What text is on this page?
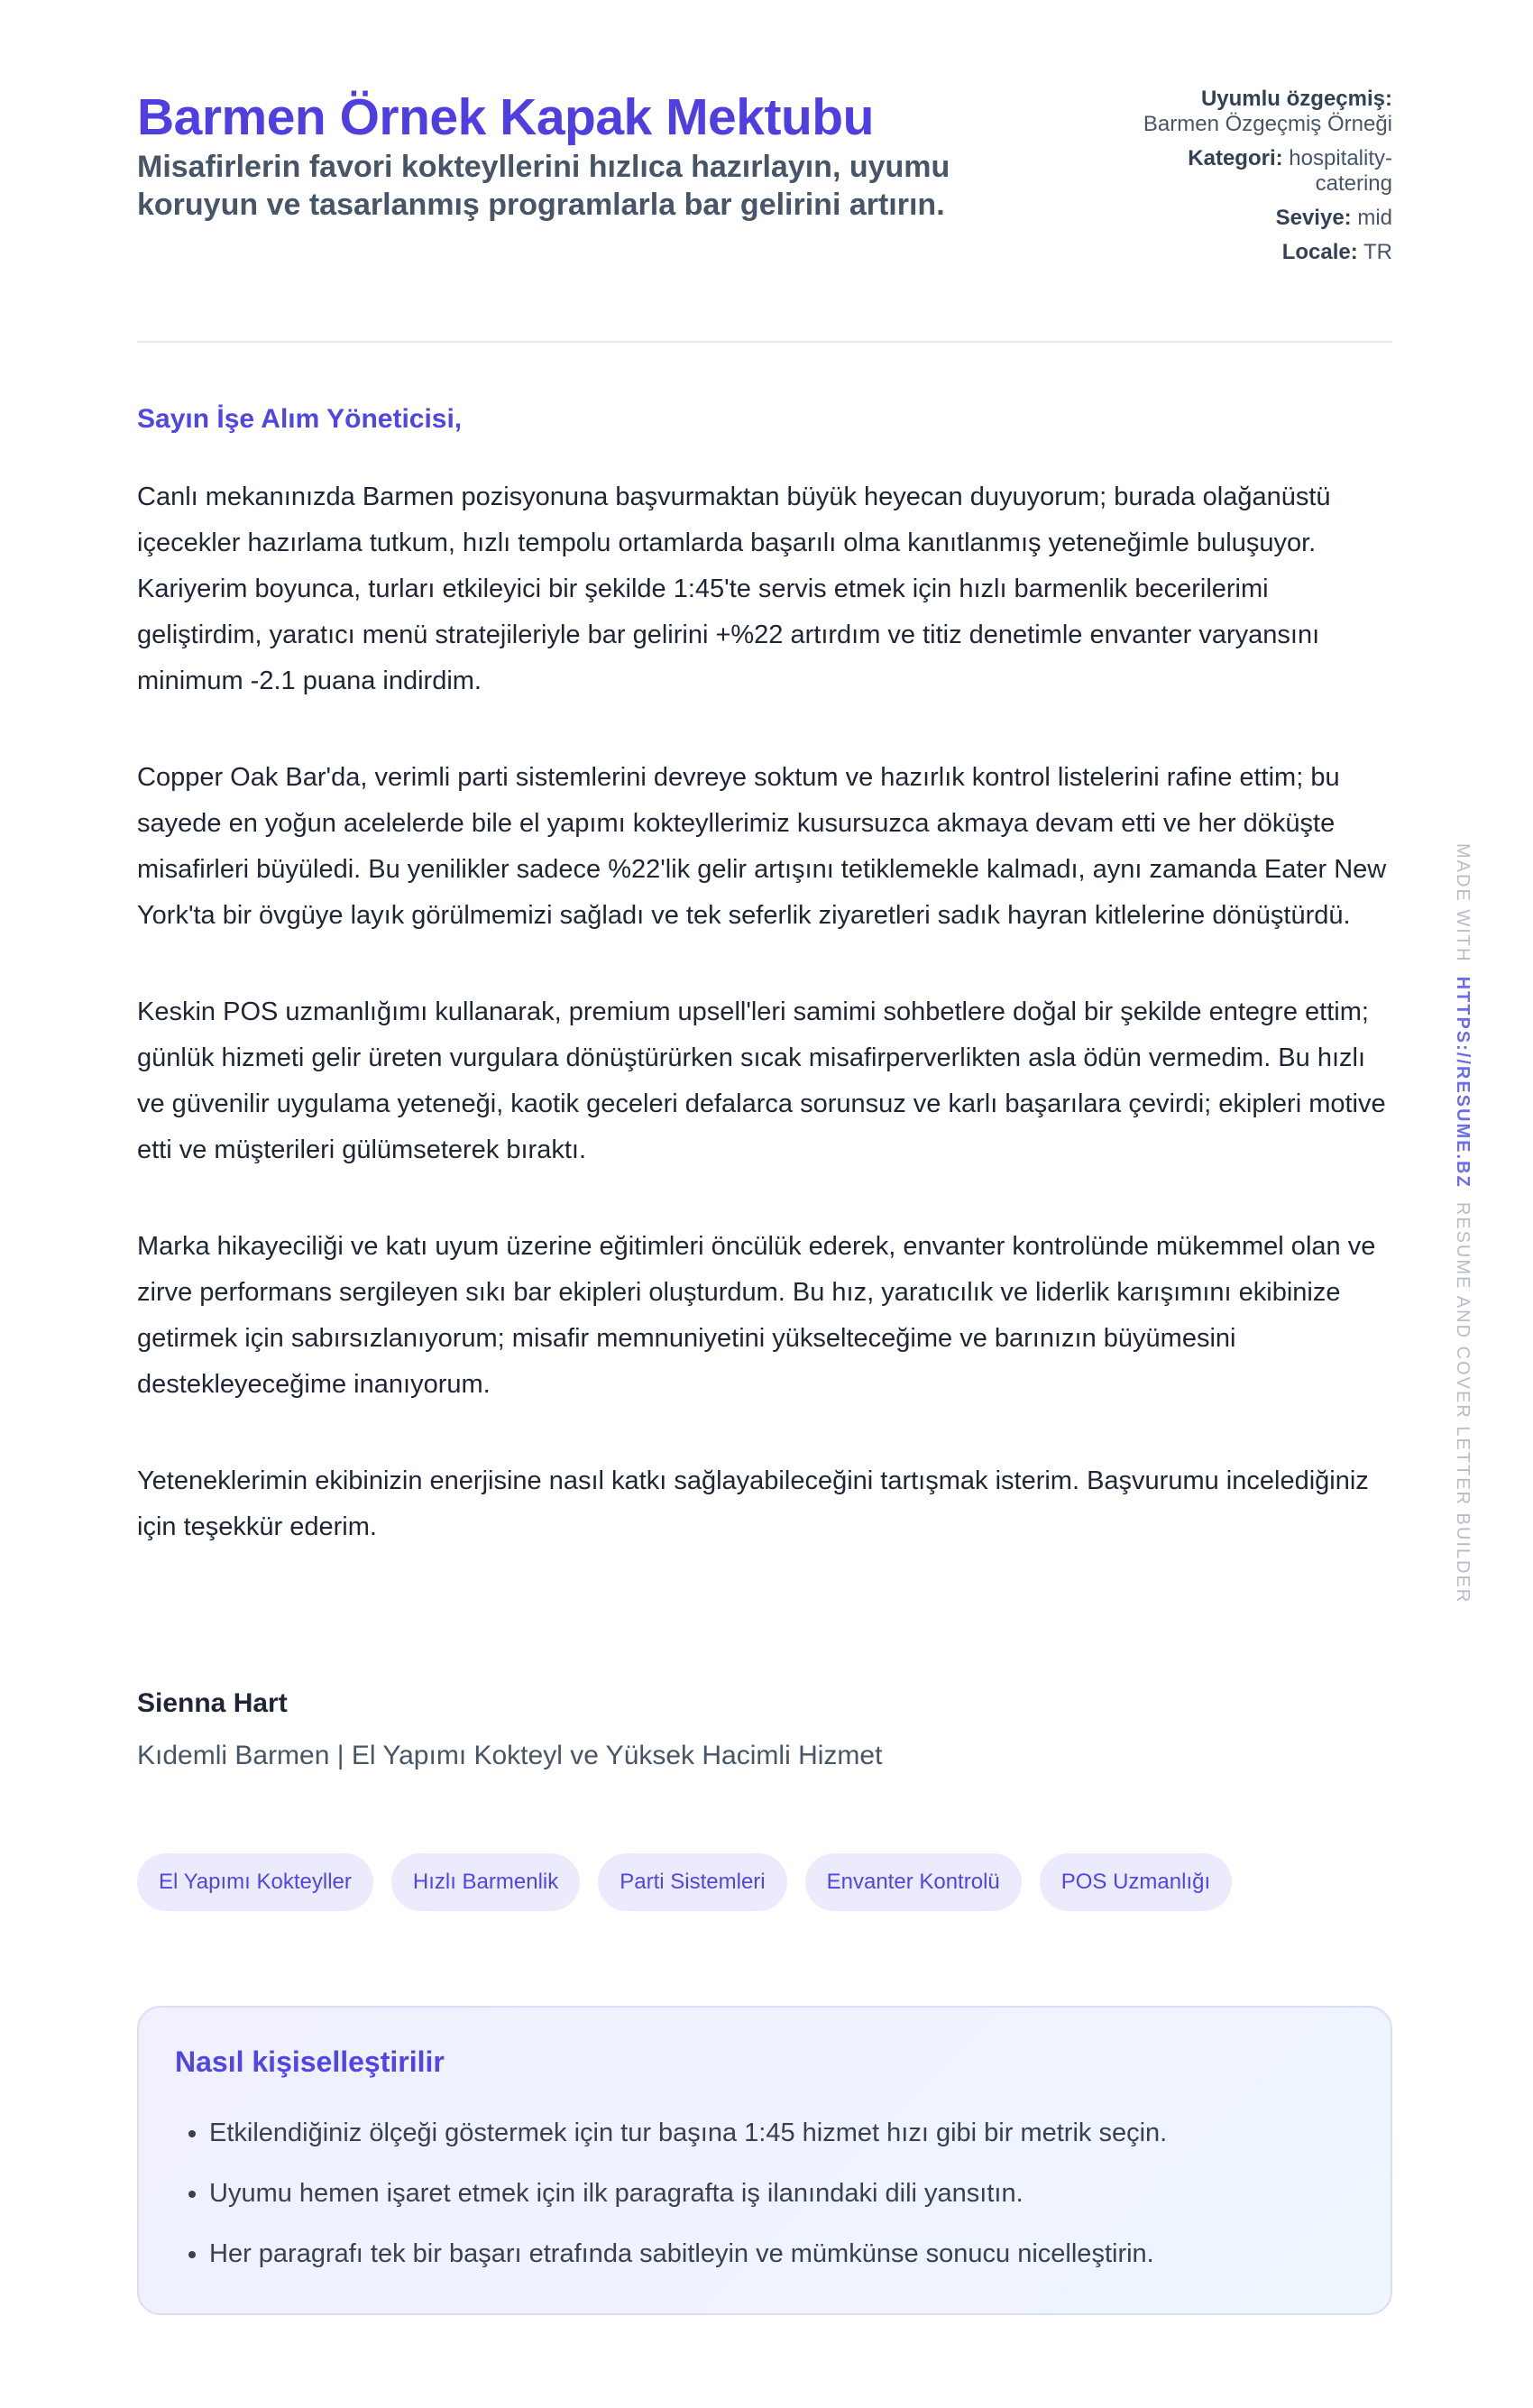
Barmen Örnek Kapak Mektubu

Misafirlerin favori kokteyllerini hızlıca hazırlayın, uyumu koruyun ve tasarlanmış programlarla bar gelirini artırın.

Uyumlu özgeçmiş: Barmen Özgeçmiş Örneği
Kategori: hospitality-catering
Seviye: mid
Locale: TR

Sayın İşe Alım Yöneticisi,

Canlı mekanınızda Barmen pozisyonuna başvurmaktan büyük heyecan duyuyorum; burada olağanüstü içecekler hazırlama tutkum, hızlı tempolu ortamlarda başarılı olma kanıtlanmış yeteneğimle buluşuyor. Kariyerim boyunca, turları etkileyici bir şekilde 1:45'te servis etmek için hızlı barmenlik becerilerimi geliştirdim, yaratıcı menü stratejileriyle bar gelirini +%22 artırdım ve titiz denetimle envanter varyansını minimum -2.1 puana indirdim.

Copper Oak Bar'da, verimli parti sistemlerini devreye soktum ve hazırlık kontrol listelerini rafine ettim; bu sayede en yoğun acelelerde bile el yapımı kokteyllerimiz kusursuzca akmaya devam etti ve her döküşte misafirleri büyüledi. Bu yenilikler sadece %22'lik gelir artışını tetiklemekle kalmadı, aynı zamanda Eater New York'ta bir övgüye layık görülmemizi sağladı ve tek seferlik ziyaretleri sadık hayran kitlelerine dönüştürdü.

Keskin POS uzmanlığımı kullanarak, premium upsell'leri samimi sohbetlere doğal bir şekilde entegre ettim; günlük hizmeti gelir üreten vurgulara dönüştürürken sıcak misafirperverlikten asla ödün vermedim. Bu hızlı ve güvenilir uygulama yeteneği, kaotik geceleri defalarca sorunsuz ve karlı başarılara çevirdi; ekipleri motive etti ve müşterileri gülümseterek bıraktı.

Marka hikayeciliği ve katı uyum üzerine eğitimleri öncülük ederek, envanter kontrolünde mükemmel olan ve zirve performans sergileyen sıkı bar ekipleri oluşturdum. Bu hız, yaratıcılık ve liderlik karışımını ekibinize getirmek için sabırsızlanıyorum; misafir memnuniyetini yükselteceğime ve barınızın büyümesini destekleyeceğime inanıyorum.

Yeteneklerimin ekibinizin enerjisine nasıl katkı sağlayabileceğini tartışmak isterim. Başvurumu incelediğiniz için teşekkür ederim.

Sienna Hart
Kıdemli Barmen | El Yapımı Kokteyl ve Yüksek Hacimli Hizmet
El Yapımı Kokteyller	Hızlı Barmenlik	Parti Sistemleri	Envanter Kontrolü	POS Uzmanlığı
Nasıl kişiselleştirilir
• Etkilendiğiniz ölçeği göstermek için tur başına 1:45 hizmet hızı gibi bir metrik seçin.
• Uyumu hemen işaret etmek için ilk paragrafta iş ilanındaki dili yansıtın.
• Her paragrafı tek bir başarı etrafında sabitleyin ve mümkünse sonucu nicelleştirin.
MADE WITH  HTTPS://RESUME.BZ  RESUME AND COVER LETTER BUILDER
